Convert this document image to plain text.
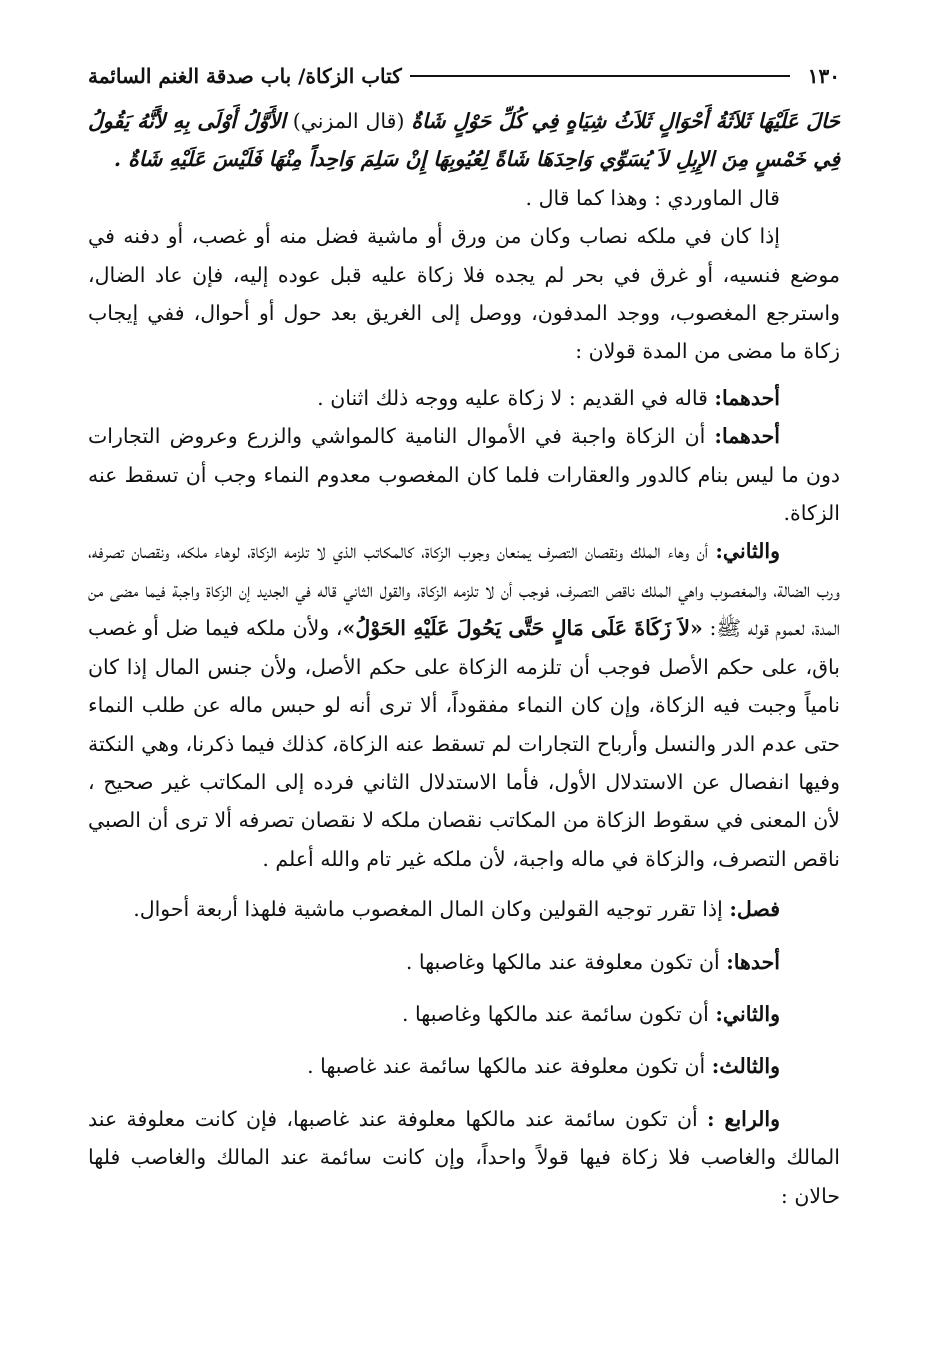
١٣٠
كتاب الزكاة/ باب صدقة الغنم السائمة

حَالَ عَلَيْهَا ثَلاَثَةُ أَحْوَالٍ ثَلاَثُ شِيَاهٍ فِي كُلِّ حَوْلٍ شَاةٌ (قال المزني) الأَوَّلُ أَوْلَى بِهِ لأَنَّهُ يَقُولُ فِي خَمْسٍ مِنَ الإِبِلِ لاَ يُسَوِّي وَاحِدَهَا شَاةً لِعُيُوبِهَا إِنْ سَلِمَ وَاحِداً مِنْهَا فَلَيْسَ عَلَيْهِ شَاةٌ .

قال الماوردي : وهذا كما قال .

إذا كان في ملكه نصاب وكان من ورق أو ماشية فضل منه أو غصب، أو دفنه في موضع فنسيه، أو غرق في بحر لم يجده فلا زكاة عليه قبل عوده إليه، فإن عاد الضال، واسترجع المغصوب، ووجد المدفون، ووصل إلى الغريق بعد حول أو أحوال، ففي إيجاب زكاة ما مضى من المدة قولان :

أحدهما: قاله في القديم : لا زكاة عليه ووجه ذلك اثنان .

أحدهما: أن الزكاة واجبة في الأموال النامية كالمواشي والزرع وعروض التجارات دون ما ليس بنام كالدور والعقارات فلما كان المغصوب معدوم النماء وجب أن تسقط عنه الزكاة.

والثاني: أن وهاء الملك ونقصان التصرف يمنعان وجوب الزكاة، كالمكاتب الذي لا تلزمه الزكاة، لوهاء ملكه، ونقصان تصرفه، ورب الضالة، والمغصوب واهي الملك ناقص التصرف، فوجب أن لا تلزمه الزكاة، والقول الثاني قاله في الجديد إن الزكاة واجبة فيما مضى من المدة، لعموم قوله ﷺ: «لاَ زَكَاةَ عَلَى مَالٍ حَتَّى يَحُولَ عَلَيْهِ الحَوْلُ»، ولأن ملكه فيما ضل أو غصب باق، على حكم الأصل فوجب أن تلزمه الزكاة على حكم الأصل، ولأن جنس المال إذا كان نامياً وجبت فيه الزكاة، وإن كان النماء مفقوداً، ألا ترى أنه لو حبس ماله عن طلب النماء حتى عدم الدر والنسل وأرباح التجارات لم تسقط عنه الزكاة، كذلك فيما ذكرنا، وهي النكتة وفيها انفصال عن الاستدلال الأول، فأما الاستدلال الثاني فرده إلى المكاتب غير صحيح ، لأن المعنى في سقوط الزكاة من المكاتب نقصان ملكه لا نقصان تصرفه ألا ترى أن الصبي ناقص التصرف، والزكاة في ماله واجبة، لأن ملكه غير تام والله أعلم .

فصل: إذا تقرر توجيه القولين وكان المال المغصوب ماشية فلهذا أربعة أحوال.

أحدها: أن تكون معلوفة عند مالكها وغاصبها .

والثاني: أن تكون سائمة عند مالكها وغاصبها .

والثالث: أن تكون معلوفة عند مالكها سائمة عند غاصبها .

والرابع : أن تكون سائمة عند مالكها معلوفة عند غاصبها، فإن كانت معلوفة عند المالك والغاصب فلا زكاة فيها قولاً واحداً، وإن كانت سائمة عند المالك والغاصب فلها حالان :
